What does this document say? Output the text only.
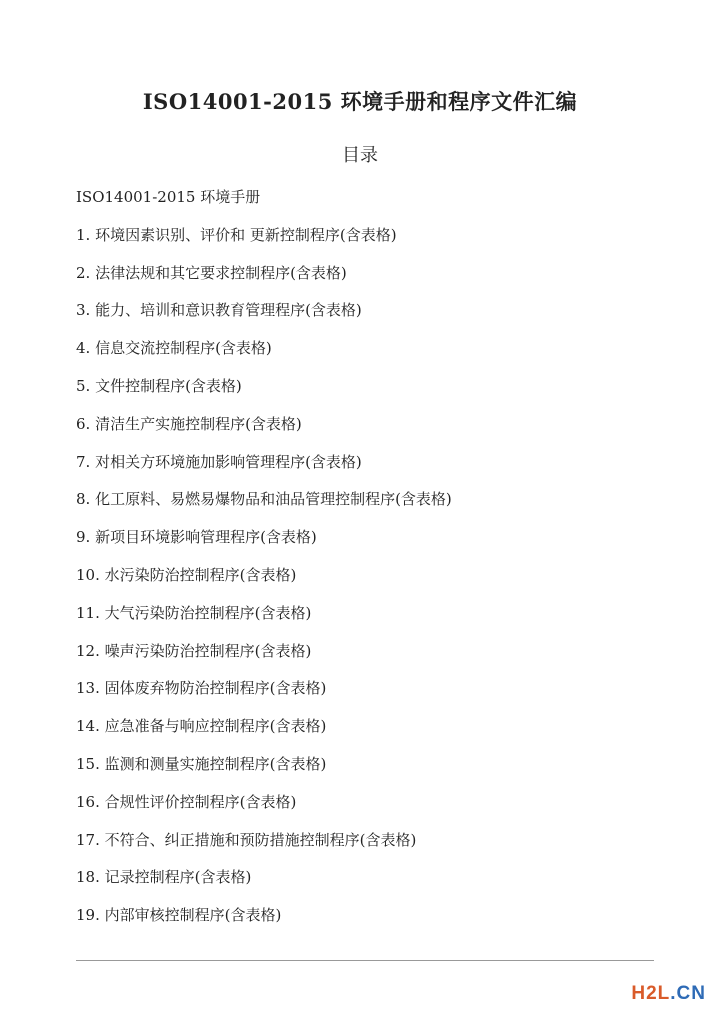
ISO14001-2015 环境手册和程序文件汇编
目录
ISO14001-2015 环境手册
1. 环境因素识别、评价和 更新控制程序(含表格)
2. 法律法规和其它要求控制程序(含表格)
3. 能力、培训和意识教育管理程序(含表格)
4. 信息交流控制程序(含表格)
5. 文件控制程序(含表格)
6. 清洁生产实施控制程序(含表格)
7. 对相关方环境施加影响管理程序(含表格)
8. 化工原料、易燃易爆物品和油品管理控制程序(含表格)
9. 新项目环境影响管理程序(含表格)
10. 水污染防治控制程序(含表格)
11. 大气污染防治控制程序(含表格)
12. 噪声污染防治控制程序(含表格)
13. 固体废弃物防治控制程序(含表格)
14. 应急准备与响应控制程序(含表格)
15. 监测和测量实施控制程序(含表格)
16. 合规性评价控制程序(含表格)
17. 不符合、纠正措施和预防措施控制程序(含表格)
18. 记录控制程序(含表格)
19. 内部审核控制程序(含表格)
H2L.CN
